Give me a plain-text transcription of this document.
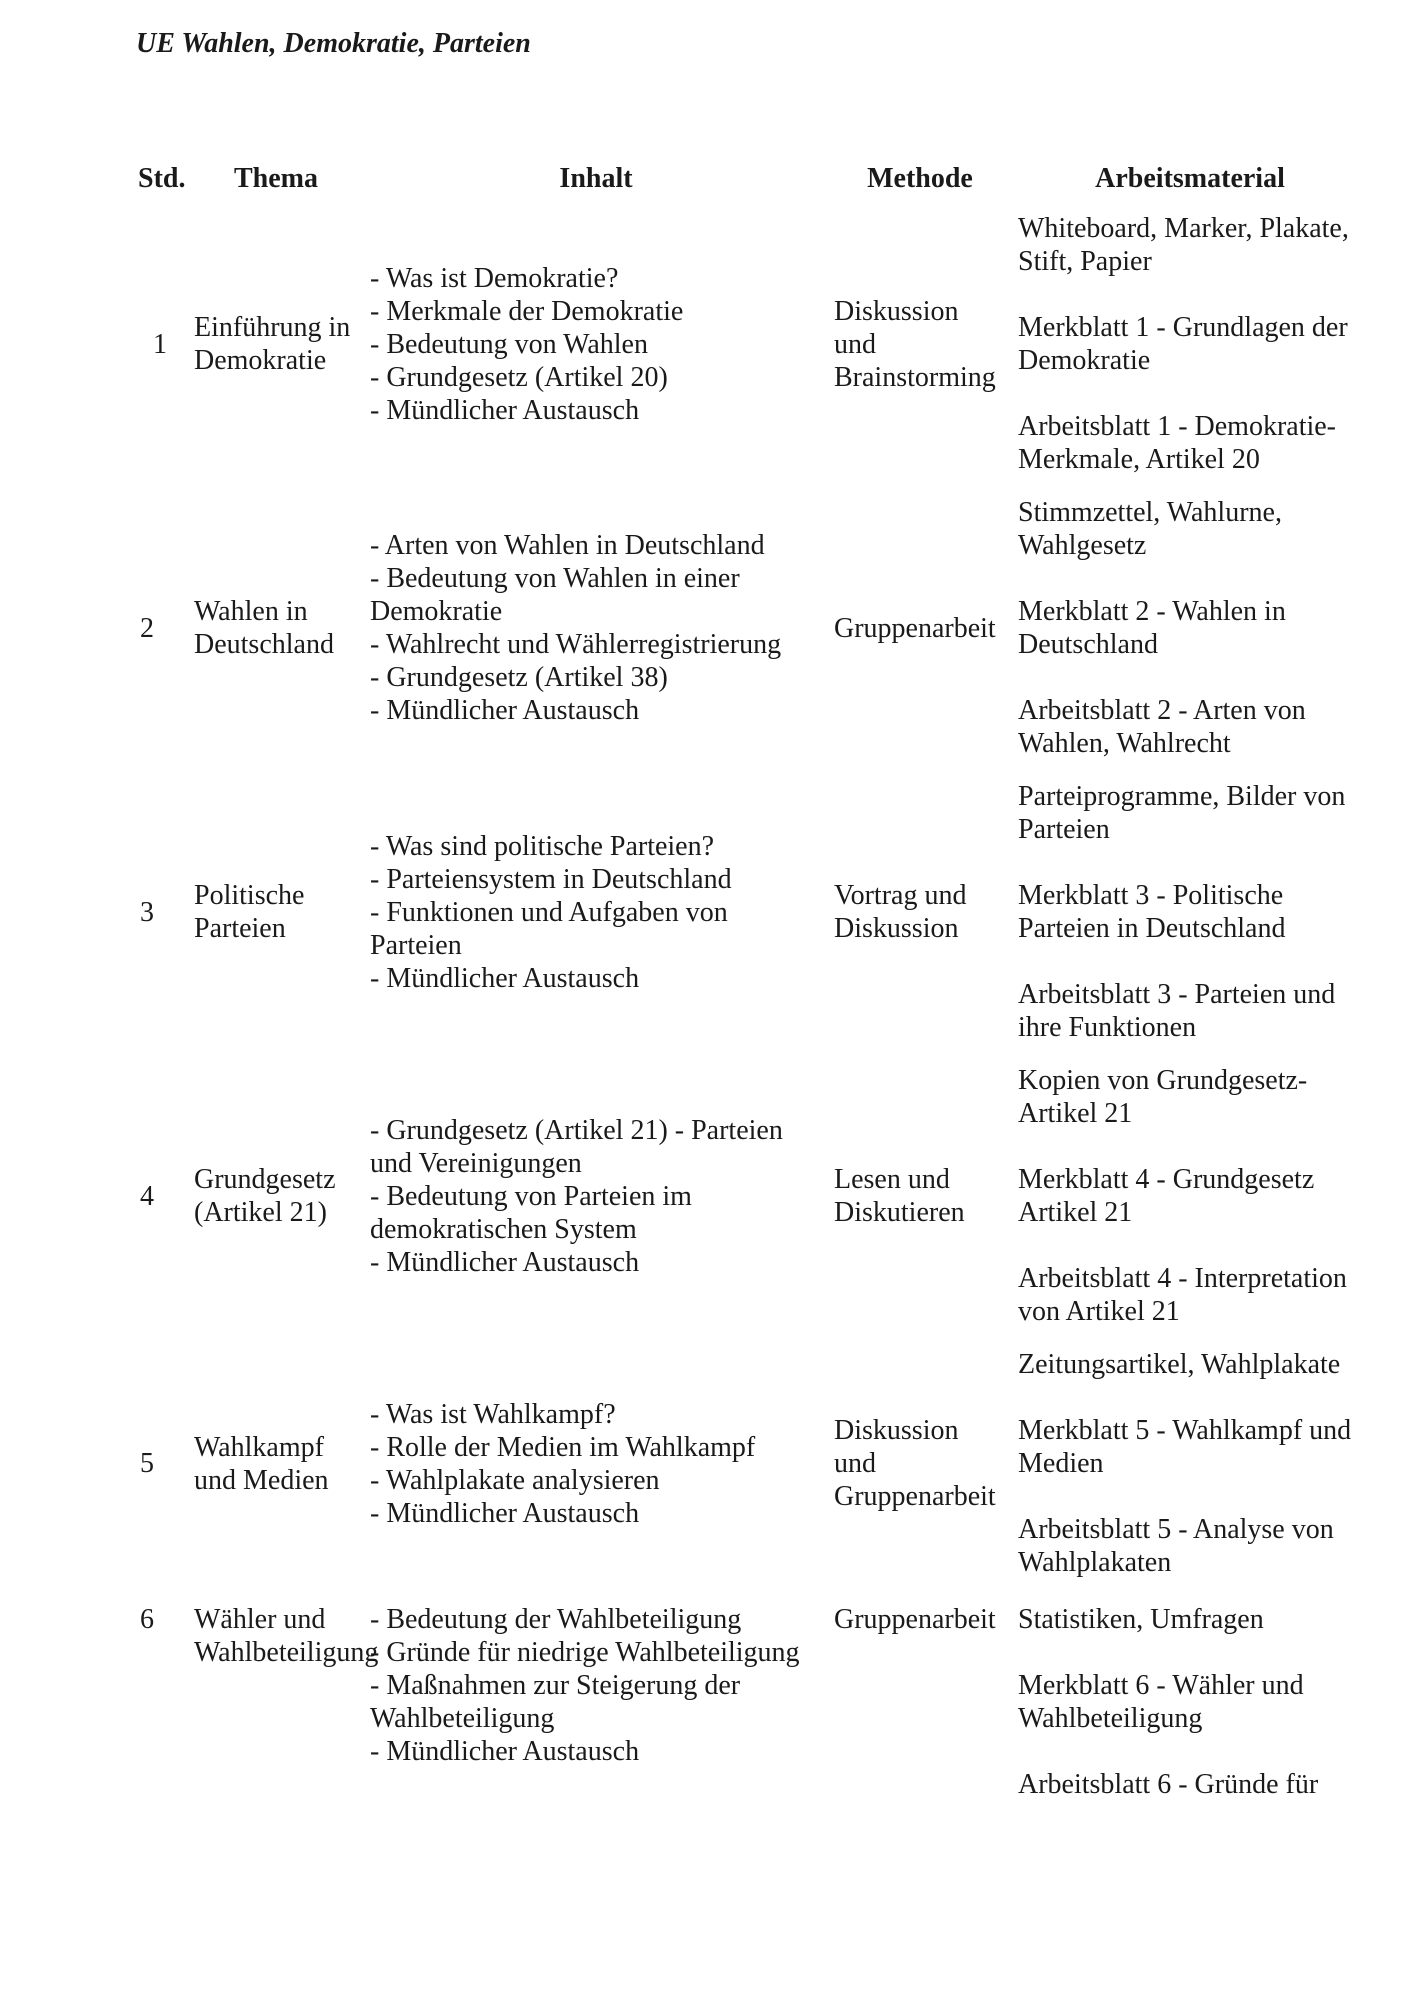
UE Wahlen, Demokratie, Parteien
Std.	Thema	Inhalt	Methode	Arbeitsmaterial
1	Einführung in Demokratie	- Was ist Demokratie?
- Merkmale der Demokratie
- Bedeutung von Wahlen
- Grundgesetz (Artikel 20)
- Mündlicher Austausch	Diskussion und Brainstorming	Whiteboard, Marker, Plakate, Stift, Papier
Merkblatt 1 - Grundlagen der Demokratie
Arbeitsblatt 1 - Demokratie-Merkmale, Artikel 20

2	Wahlen in Deutschland	- Arten von Wahlen in Deutschland
- Bedeutung von Wahlen in einer Demokratie
- Wahlrecht und Wählerregistrierung
- Grundgesetz (Artikel 38)
- Mündlicher Austausch	Gruppenarbeit	Stimmzettel, Wahlurne, Wahlgesetz
Merkblatt 2 - Wahlen in Deutschland
Arbeitsblatt 2 - Arten von Wahlen, Wahlrecht

3	Politische Parteien	- Was sind politische Parteien?
- Parteiensystem in Deutschland
- Funktionen und Aufgaben von Parteien
- Mündlicher Austausch	Vortrag und Diskussion	Parteiprogramme, Bilder von Parteien
Merkblatt 3 - Politische Parteien in Deutschland
Arbeitsblatt 3 - Parteien und ihre Funktionen

4	Grundgesetz (Artikel 21)	- Grundgesetz (Artikel 21) - Parteien und Vereinigungen
- Bedeutung von Parteien im demokratischen System
- Mündlicher Austausch	Lesen und Diskutieren	Kopien von Grundgesetz-Artikel 21
Merkblatt 4 - Grundgesetz Artikel 21
Arbeitsblatt 4 - Interpretation von Artikel 21

5	Wahlkampf und Medien	- Was ist Wahlkampf?
- Rolle der Medien im Wahlkampf
- Wahlplakate analysieren
- Mündlicher Austausch	Diskussion und Gruppenarbeit	Zeitungsartikel, Wahlplakate
Merkblatt 5 - Wahlkampf und Medien
Arbeitsblatt 5 - Analyse von Wahlplakaten

6	Wähler und Wahlbeteiligung	- Bedeutung der Wahlbeteiligung
- Gründe für niedrige Wahlbeteiligung
- Maßnahmen zur Steigerung der Wahlbeteiligung
- Mündlicher Austausch	Gruppenarbeit	Statistiken, Umfragen
Merkblatt 6 - Wähler und Wahlbeteiligung
Arbeitsblatt 6 - Gründe für
